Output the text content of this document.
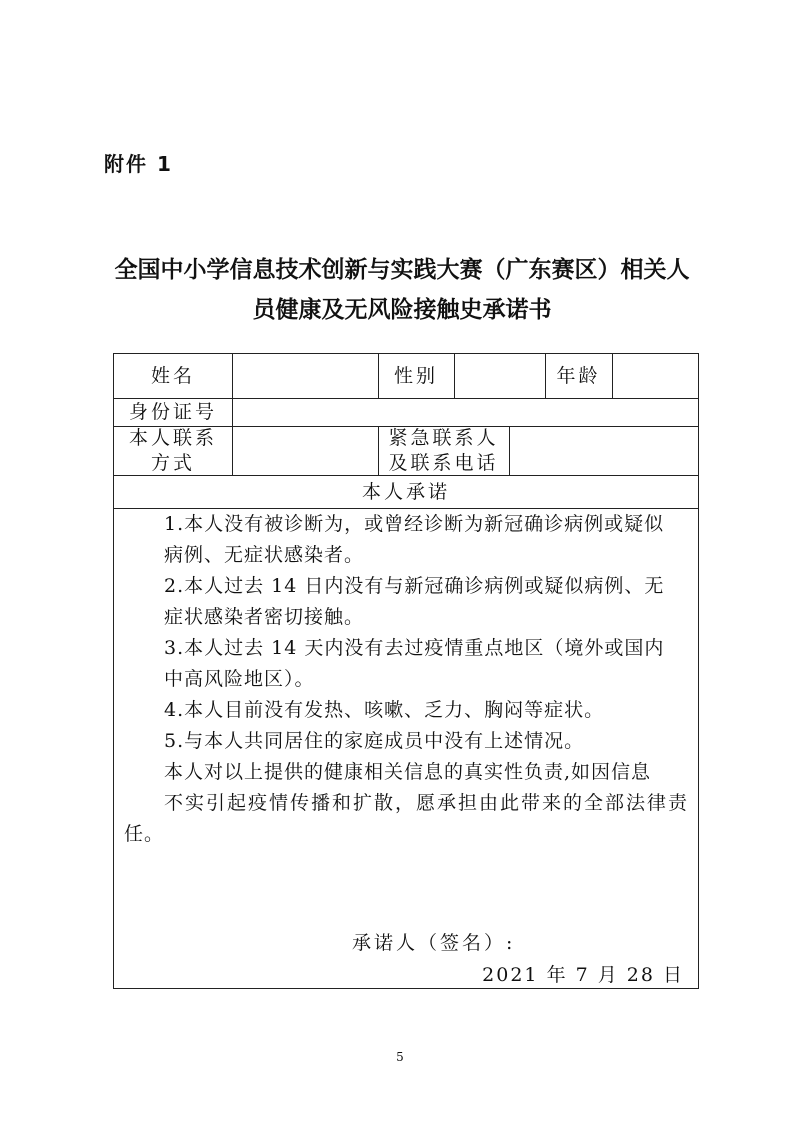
附件 1
全国中小学信息技术创新与实践大赛（广东赛区）相关人
员健康及无风险接触史承诺书
姓名	性别	年龄
身份证号
本人联系
方式
紧急联系人
及联系电话
本人承诺

1.本人没有被诊断为，或曾经诊断为新冠确诊病例或疑似
病例、无症状感染者。

2.本人过去 14 日内没有与新冠确诊病例或疑似病例、无
症状感染者密切接触。

3.本人过去 14 天内没有去过疫情重点地区（境外或国内
中高风险地区）。

4.本人目前没有发热、咳嗽、乏力、胸闷等症状。

5.与本人共同居住的家庭成员中没有上述情况。

本人对以上提供的健康相关信息的真实性负责,如因信息
不实引起疫情传播和扩散，愿承担由此带来的全部法律责任。

承诺人（签名）:
2021 年 7 月 28 日
5
